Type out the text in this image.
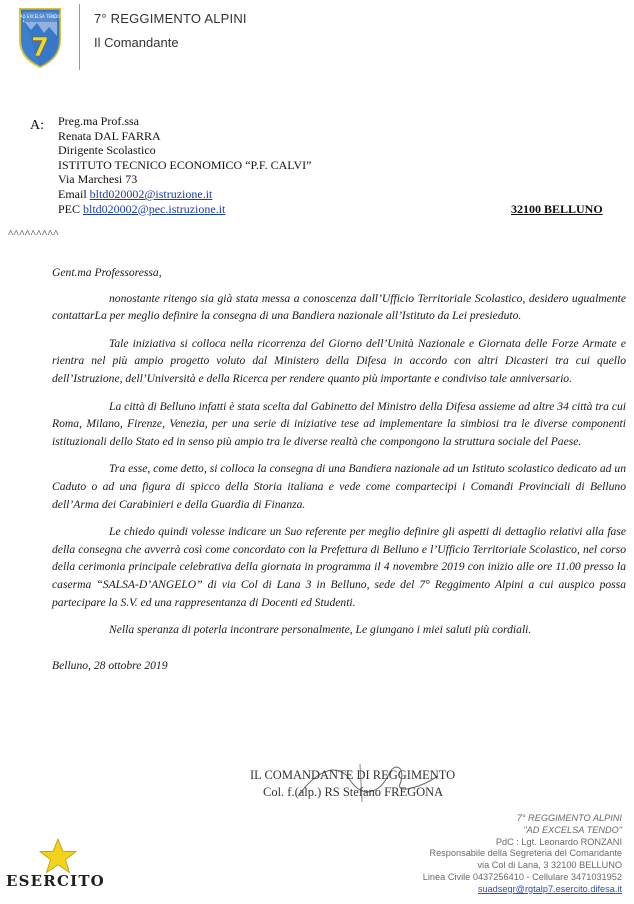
7
AD EXCELSA TENDO	7° REGGIMENTO ALPINI
Il Comandante
A: Preg.ma Prof.ssa
Renata DAL FARRA
Dirigente Scolastico
ISTITUTO TECNICO ECONOMICO “P.F. CALVI”
Via Marchesi 73
Email bltd020002@istruzione.it
PEC bltd020002@pec.istruzione.it	32100 BELLUNO
^^^^^^^^^

Gent.ma Professoressa,

nonostante ritengo sia già stata messa a conoscenza dall’Ufficio Territoriale Scolastico, desidero ugualmente contattarLa per meglio definire la consegna di una Bandiera nazionale all’Istituto da Lei presieduto.

Tale iniziativa si colloca nella ricorrenza del Giorno dell’Unità Nazionale e Giornata delle Forze Armate e rientra nel più ampio progetto voluto dal Ministero della Difesa in accordo con altri Dicasteri tra cui quello dell’Istruzione, dell’Università e della Ricerca per rendere quanto più importante e condiviso tale anniversario.

La città di Belluno infatti è stata scelta dal Gabinetto del Ministro della Difesa assieme ad altre 34 città tra cui Roma, Milano, Firenze, Venezia, per una serie di iniziative tese ad implementare la simbiosi tra le diverse componenti istituzionali dello Stato ed in senso più ampio tra le diverse realtà che compongono la struttura sociale del Paese.

Tra esse, come detto, si colloca la consegna di una Bandiera nazionale ad un Istituto scolastico dedicato ad un Caduto o ad una figura di spicco della Storia italiana e vede come compartecipi i Comandi Provinciali di Belluno dell’Arma dei Carabinieri e della Guardia di Finanza.

Le chiedo quindi volesse indicare un Suo referente per meglio definire gli aspetti di dettaglio relativi alla fase della consegna che avverrà così come concordato con la Prefettura di Belluno e l’Ufficio Territoriale Scolastico, nel corso della cerimonia principale celebrativa della giornata in programma il 4 novembre 2019 con inizio alle ore 11.00 presso la caserma “SALSA-D’ANGELO” di via Col di Lana 3 in Belluno, sede del 7° Reggimento Alpini a cui auspico possa partecipare la S.V. ed una rappresentanza di Docenti ed Studenti.

Nella speranza di poterla incontrare personalmente, Le giungano i miei saluti più cordiali.

Belluno, 28 ottobre 2019

IL COMANDANTE DI REGGIMENTO
Col. f.(alp.) RS Stefano FREGONA
ESERCITO
7° REGGIMENTO ALPINI
"AD EXCELSA TENDO"
PdC : Lgt. Leonardo RONZANI
Responsabile della Segreteria del Comandante
via Col di Lana, 3 32100 BELLUNO
Linea Civile 0437256410 - Cellulare 3471031952
suadsegr@rgtalp7.esercito.difesa.it
